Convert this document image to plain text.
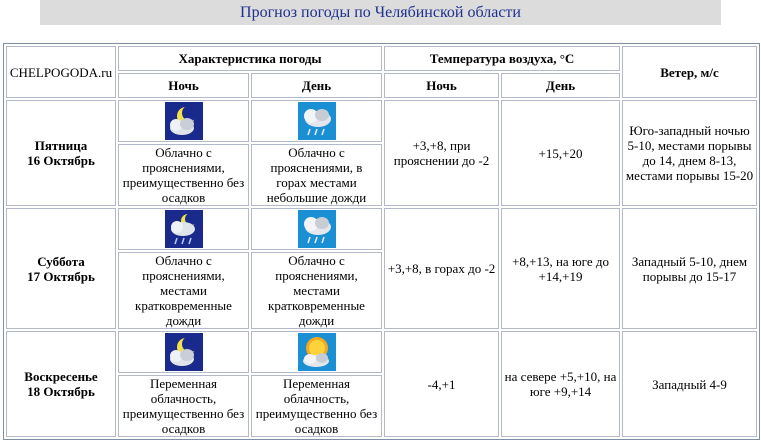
Прогноз погоды по Челябинской области
CHELPOGODA.ru	Характеристика погоды		Температура воздуха, °С		Ветер, м/с
	Ночь	День	Ночь	День	

Пятница
16 Октябрь			+3,+8, при прояснении до -2	+15,+20	Юго-западный ночью 5-10, местами порывы до 14, днем 8-13, местами порывы 15-20
	Облачно с прояснениями, преимущественно без осадков	Облачно с прояснениями, в горах местами небольшие дожди			

Суббота
17 Октябрь			+3,+8, в горах до -2	+8,+13, на юге до +14,+19	Западный 5-10, днем порывы до 15-17
	Облачно с прояснениями, местами кратковременные дожди	Облачно с прояснениями, местами кратковременные дожди			

Воскресенье
18 Октябрь			-4,+1	на севере +5,+10, на юге +9,+14	Западный 4-9
	Переменная облачность, преимущественно без осадков	Переменная облачность, преимущественно без осадков			
